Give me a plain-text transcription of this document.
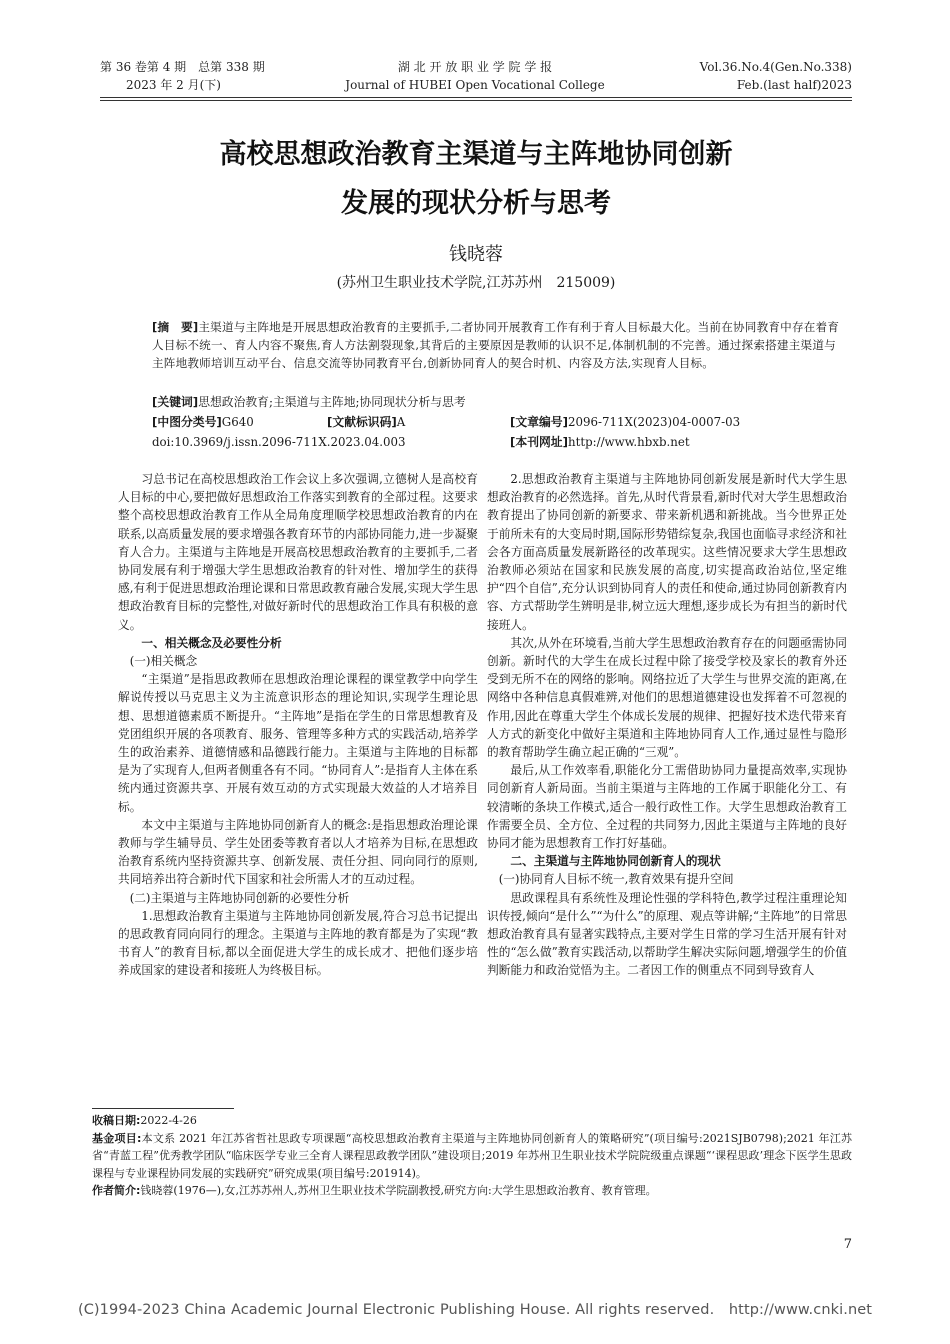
第 36 卷第 4 期　总第 338 期
2023 年 2 月(下)
湖 北 开 放 职 业 学 院 学 报
Journal of HUBEI Open Vocational College
Vol.36.No.4(Gen.No.338)
Feb.(last half)2023
高校思想政治教育主渠道与主阵地协同创新
发展的现状分析与思考
钱晓蓉
(苏州卫生职业技术学院,江苏苏州　215009)
[摘　要]主渠道与主阵地是开展思想政治教育的主要抓手,二者协同开展教育工作有利于育人目标最大化。当前在协同教育中存在着育人目标不统一、育人内容不聚焦,育人方法割裂现象,其背后的主要原因是教师的认识不足,体制机制的不完善。通过探索搭建主渠道与主阵地教师培训互动平台、信息交流等协同教育平台,创新协同育人的契合时机、内容及方法,实现育人目标。
[关键词]思想政治教育;主渠道与主阵地;协同现状分析与思考
[中图分类号]G640	[文献标识码]A	[文章编号]2096-711X(2023)04-0007-03
doi:10.3969/j.issn.2096-711X.2023.04.003	[本刊网址]http://www.hbxb.net

习总书记在高校思想政治工作会议上多次强调,立德树人是高校育人目标的中心,要把做好思想政治工作落实到教育的全部过程。这要求整个高校思想政治教育工作从全局角度理顺学校思想政治教育的内在联系,以高质量发展的要求增强各教育环节的内部协同能力,进一步凝聚育人合力。主渠道与主阵地是开展高校思想政治教育的主要抓手,二者协同发展有利于增强大学生思想政治教育的针对性、增加学生的获得感,有利于促进思想政治理论课和日常思政教育融合发展,实现大学生思想政治教育目标的完整性,对做好新时代的思想政治工作具有积极的意义。

一、相关概念及必要性分析

(一)相关概念

“主渠道”是指思政教师在思想政治理论课程的课堂教学中向学生解说传授以马克思主义为主流意识形态的理论知识,实现学生理论思想、思想道德素质不断提升。“主阵地”是指在学生的日常思想教育及党团组织开展的各项教育、服务、管理等多种方式的实践活动,培养学生的政治素养、道德情感和品德践行能力。主渠道与主阵地的目标都是为了实现育人,但两者侧重各有不同。“协同育人”:是指育人主体在系统内通过资源共享、开展有效互动的方式实现最大效益的人才培养目标。

本文中主渠道与主阵地协同创新育人的概念:是指思想政治理论课教师与学生辅导员、学生处团委等教育者以人才培养为目标,在思想政治教育系统内坚持资源共享、创新发展、责任分担、同向同行的原则,共同培养出符合新时代下国家和社会所需人才的互动过程。

(二)主渠道与主阵地协同创新的必要性分析

1.思想政治教育主渠道与主阵地协同创新发展,符合习总书记提出的思政教育同向同行的理念。主渠道与主阵地的教育都是为了实现“教书育人”的教育目标,都以全面促进大学生的成长成才、把他们逐步培养成国家的建设者和接班人为终极目标。

2.思想政治教育主渠道与主阵地协同创新发展是新时代大学生思想政治教育的必然选择。首先,从时代背景看,新时代对大学生思想政治教育提出了协同创新的新要求、带来新机遇和新挑战。当今世界正处于前所未有的大变局时期,国际形势错综复杂,我国也面临寻求经济和社会各方面高质量发展新路径的改革现实。这些情况要求大学生思想政治教师必须站在国家和民族发展的高度,切实提高政治站位,坚定维护“四个自信”,充分认识到协同育人的责任和使命,通过协同创新教育内容、方式帮助学生辨明是非,树立远大理想,逐步成长为有担当的新时代接班人。

其次,从外在环境看,当前大学生思想政治教育存在的问题亟需协同创新。新时代的大学生在成长过程中除了接受学校及家长的教育外还受到无所不在的网络的影响。网络拉近了大学生与世界交流的距离,在网络中各种信息真假难辨,对他们的思想道德建设也发挥着不可忽视的作用,因此在尊重大学生个体成长发展的规律、把握好技术迭代带来育人方式的新变化中做好主渠道和主阵地协同育人工作,通过显性与隐形的教育帮助学生确立起正确的“三观”。

最后,从工作效率看,职能化分工需借助协同力量提高效率,实现协同创新育人新局面。当前主渠道与主阵地的工作属于职能化分工、有较清晰的条块工作模式,适合一般行政性工作。大学生思想政治教育工作需要全员、全方位、全过程的共同努力,因此主渠道与主阵地的良好协同才能为思想教育工作打好基础。

二、主渠道与主阵地协同创新育人的现状

(一)协同育人目标不统一,教育效果有提升空间

思政课程具有系统性及理论性强的学科特色,教学过程注重理论知识传授,倾向“是什么”“为什么”的原理、观点等讲解;“主阵地”的日常思想政治教育具有显著实践特点,主要对学生日常的学习生活开展有针对性的“怎么做”教育实践活动,以帮助学生解决实际问题,增强学生的价值判断能力和政治觉悟为主。二者因工作的侧重点不同到导致育人

收稿日期:2022-4-26

基金项目:本文系 2021 年江苏省哲社思政专项课题“高校思想政治教育主渠道与主阵地协同创新育人的策略研究”(项目编号:2021SJB0798);2021 年江苏省“青蓝工程”优秀教学团队“临床医学专业三全育人课程思政教学团队”建设项目;2019 年苏州卫生职业技术学院院级重点课题“‘课程思政’理念下医学生思政课程与专业课程协同发展的实践研究”研究成果(项目编号:201914)。

作者简介:钱晓蓉(1976—),女,江苏苏州人,苏州卫生职业技术学院副教授,研究方向:大学生思想政治教育、教育管理。

7
(C)1994-2023 China Academic Journal Electronic Publishing House. All rights reserved.　http://www.cnki.net
